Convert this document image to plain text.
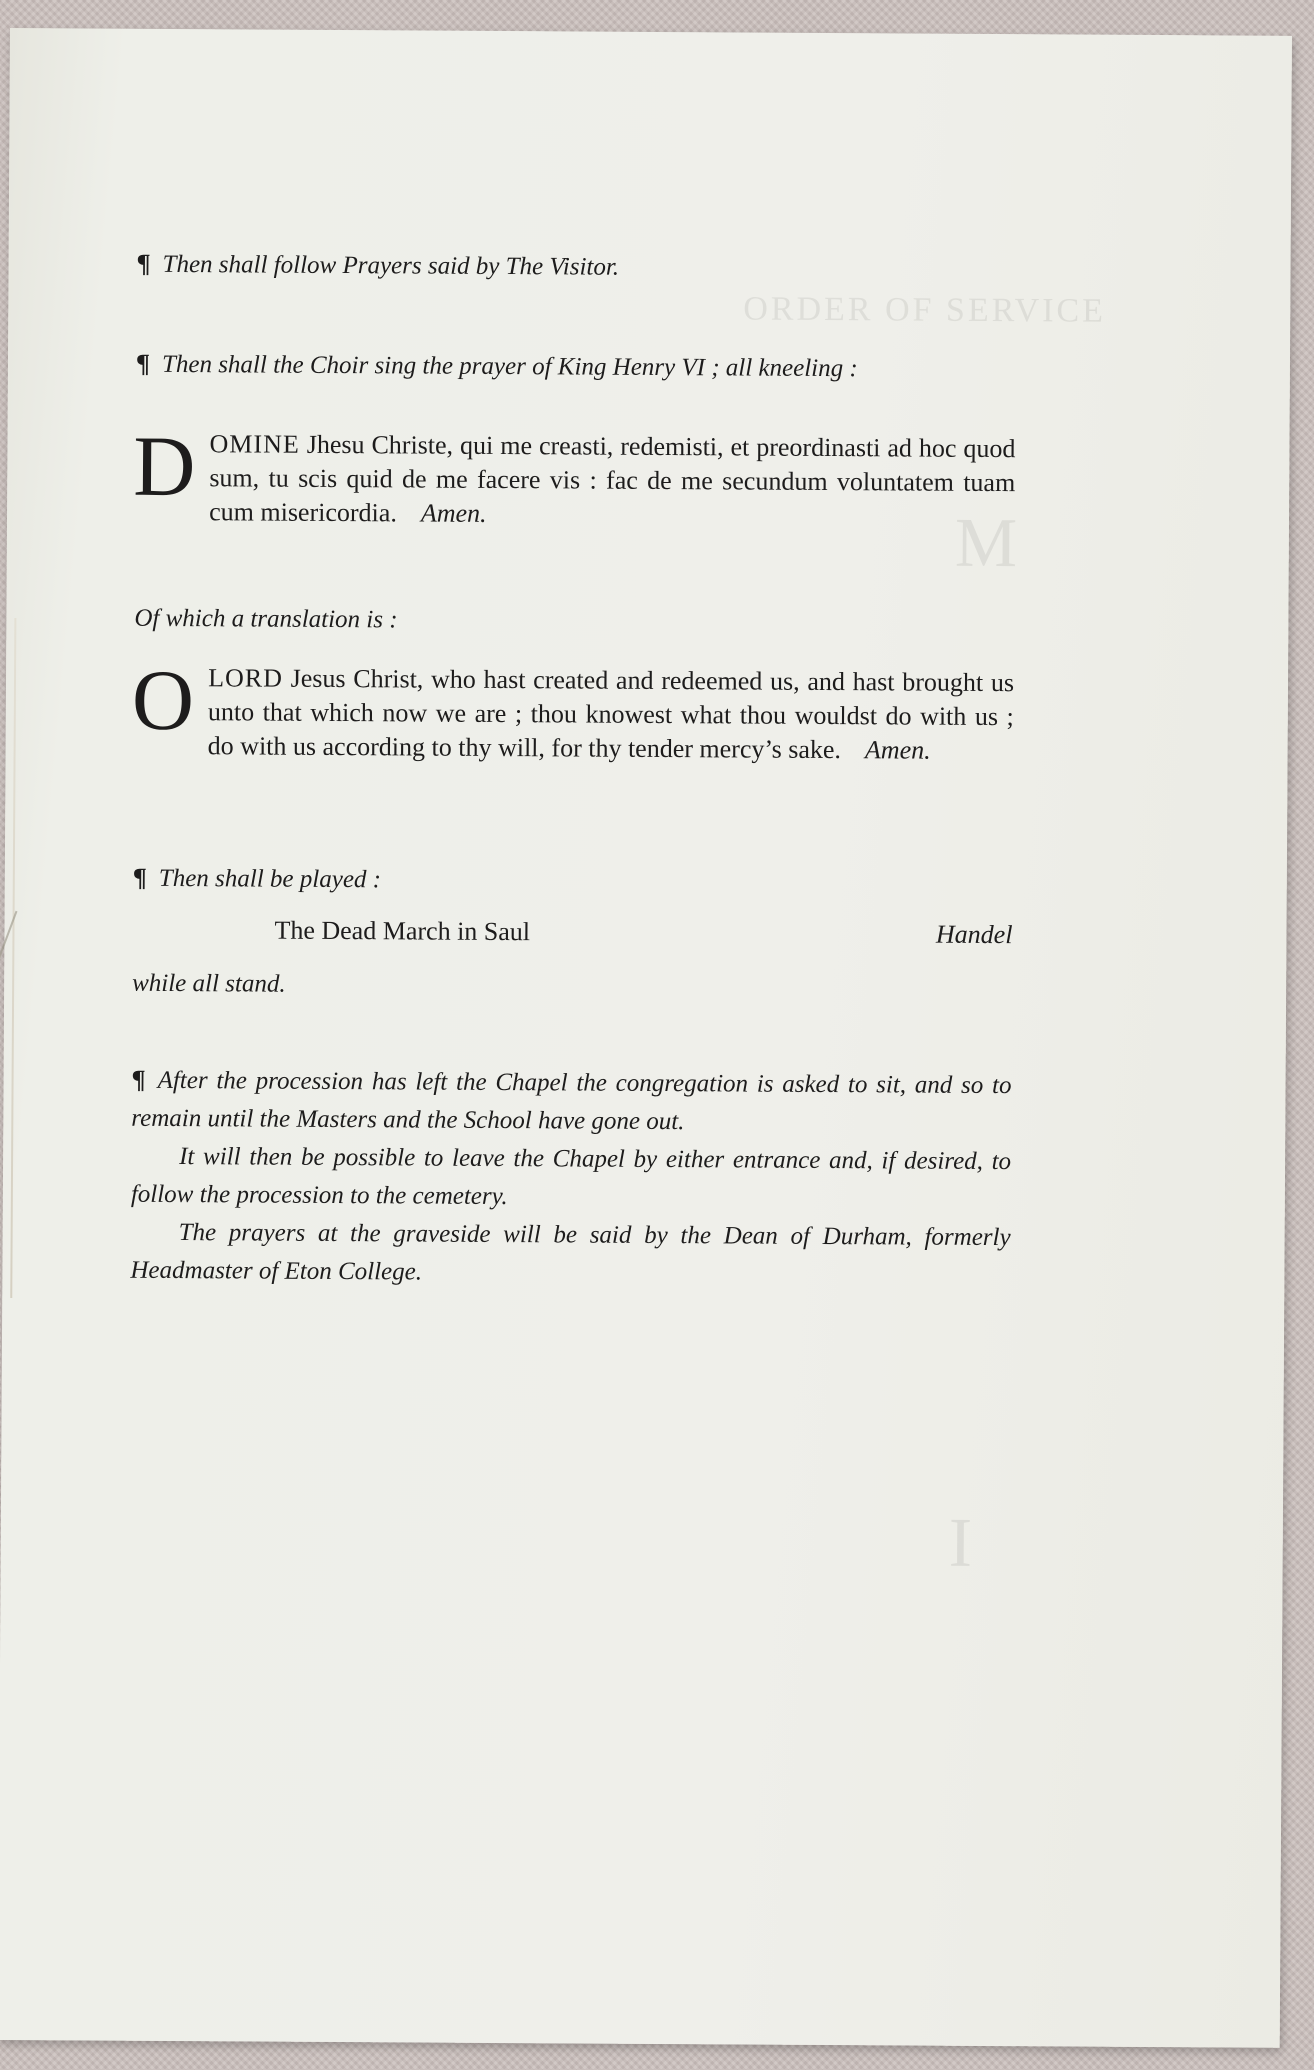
ORDER OF SERVICE
M
I
¶ Then shall follow Prayers said by The Visitor.
¶ Then shall the Choir sing the prayer of King Henry VI ; all kneeling :
DOMINE Jhesu Christe, qui me creasti, redemisti, et preordinasti ad hoc quod sum, tu scis quid de me facere vis : fac de me secundum voluntatem tuam cum misericordia. Amen.
Of which a translation is :
OLORD Jesus Christ, who hast created and redeemed us, and hast brought us unto that which now we are ; thou knowest what thou wouldst do with us ; do with us according to thy will, for thy tender mercy’s sake. Amen.
¶ Then shall be played :
The Dead March in Saul	Handel
while all stand.

¶ After the procession has left the Chapel the congregation is asked to sit, and so to remain until the Masters and the School have gone out.

It will then be possible to leave the Chapel by either entrance and, if desired, to follow the procession to the cemetery.

The prayers at the graveside will be said by the Dean of Durham, formerly Headmaster of Eton College.
